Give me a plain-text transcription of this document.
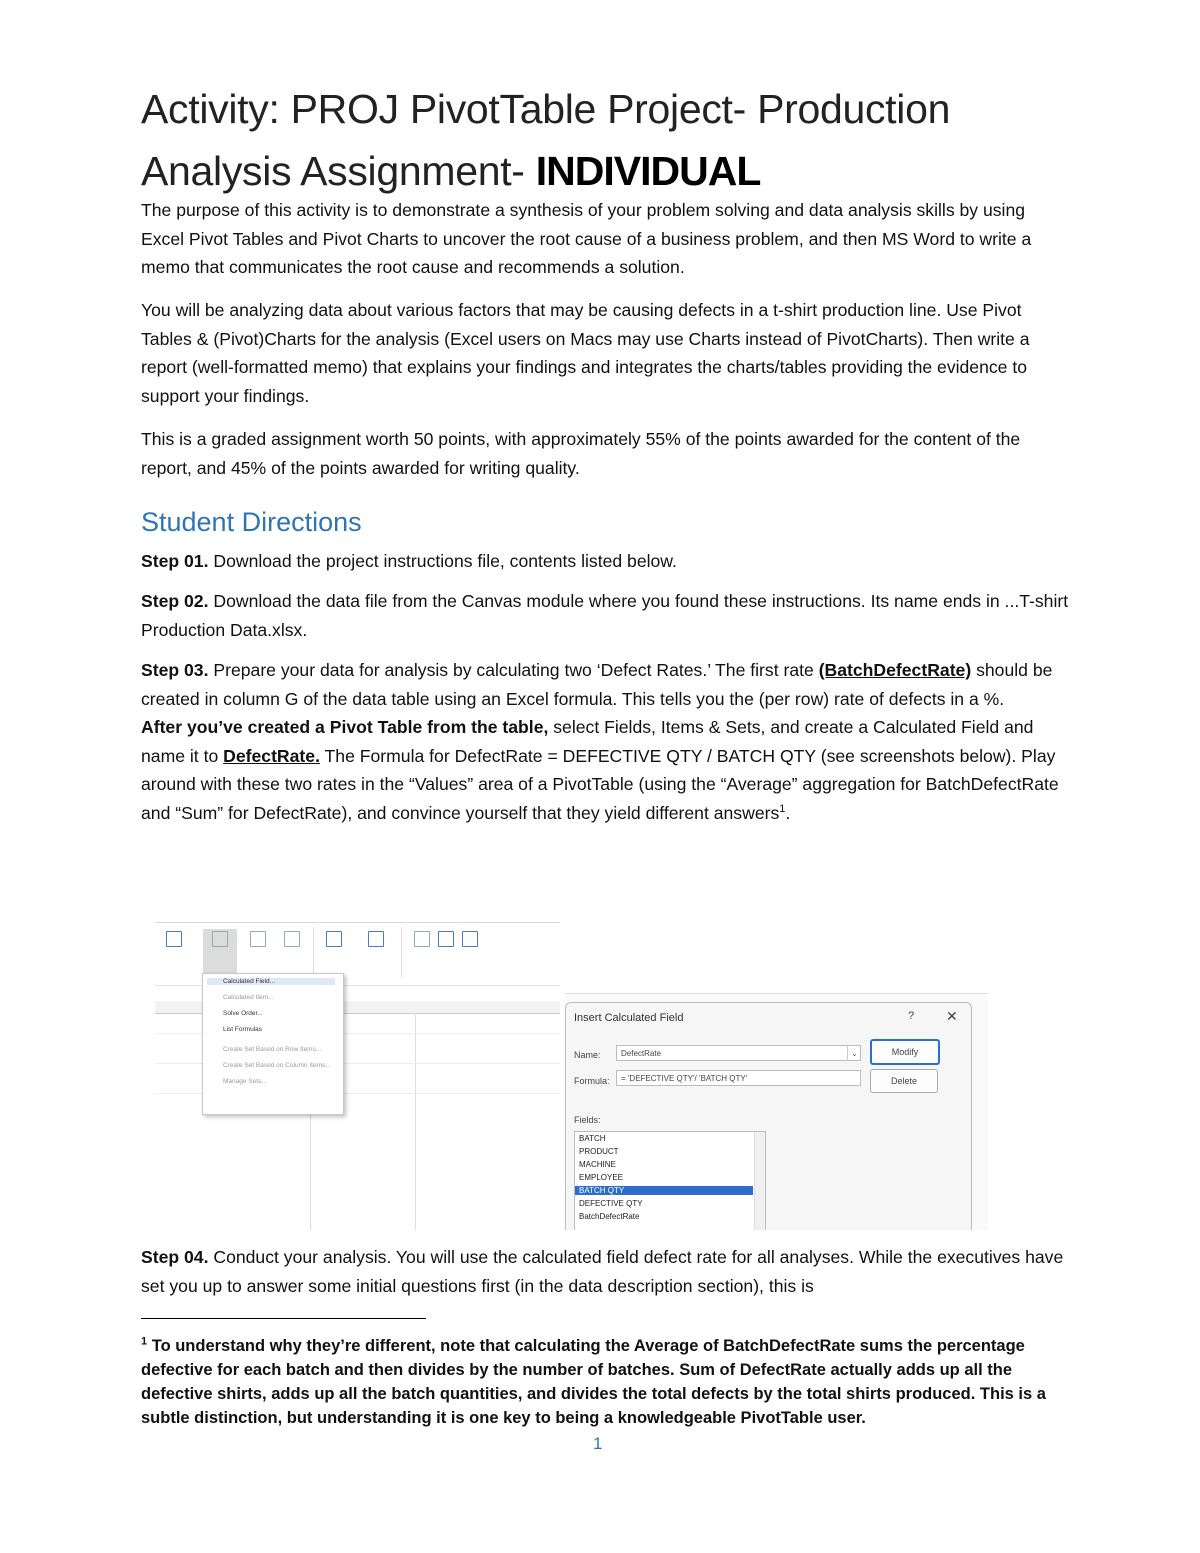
Activity: PROJ PivotTable Project- Production
Analysis Assignment- INDIVIDUAL

The purpose of this activity is to demonstrate a synthesis of your problem solving and data analysis skills by using Excel Pivot Tables and Pivot Charts to uncover the root cause of a business problem, and then MS Word to write a memo that communicates the root cause and recommends a solution.

You will be analyzing data about various factors that may be causing defects in a t-shirt production line. Use Pivot Tables & (Pivot)Charts for the analysis (Excel users on Macs may use Charts instead of PivotCharts). Then write a report (well-formatted memo) that explains your findings and integrates the charts/tables providing the evidence to support your findings.

This is a graded assignment worth 50 points, with approximately 55% of the points awarded for the content of the report, and 45% of the points awarded for writing quality.

Student Directions

Step 01. Download the project instructions file, contents listed below.

Step 02. Download the data file from the Canvas module where you found these instructions. Its name ends in ...T-shirt Production Data.xlsx.

Step 03. Prepare your data for analysis by calculating two ‘Defect Rates.’ The first rate (BatchDefectRate) should be created in column G of the data table using an Excel formula. This tells you the (per row) rate of defects in a %.
After you’ve created a Pivot Table from the table, select Fields, Items & Sets, and create a Calculated Field and name it to DefectRate. The Formula for DefectRate = DEFECTIVE QTY / BATCH QTY (see screenshots below). Play around with these two rates in the “Values” area of a PivotTable (using the “Average” aggregation for BatchDefectRate and “Sum” for DefectRate), and convince yourself that they yield different answers$^1$.

Calculated Field...
Calculated Item...
Solve Order...
List Formulas
Create Set Based on Row Items...
Create Set Based on Column Items...
Manage Sets...
Insert Calculated Field	? ✕
Name:	DefectRate	⌄
Formula:	= 'DEFECTIVE QTY'/ 'BATCH QTY'
Modify
Delete
Fields:
BATCH
PRODUCT
MACHINE
EMPLOYEE
BATCH QTY
DEFECTIVE QTY
BatchDefectRate

Step 04. Conduct your analysis. You will use the calculated field defect rate for all analyses. While the executives have set you up to answer some initial questions first (in the data description section), this is

$^1$ To understand why they’re different, note that calculating the Average of BatchDefectRate sums the percentage defective for each batch and then divides by the number of batches. Sum of DefectRate actually adds up all the defective shirts, adds up all the batch quantities, and divides the total defects by the total shirts produced. This is a subtle distinction, but understanding it is one key to being a knowledgeable PivotTable user.
1
